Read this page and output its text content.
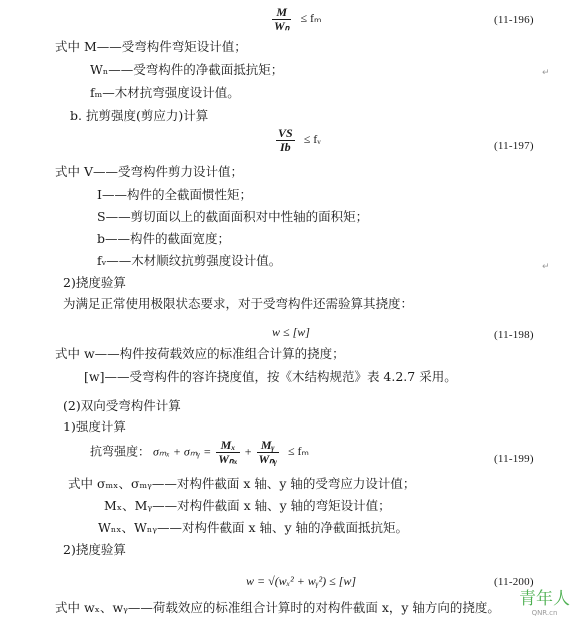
$\frac{M}{\text{Wₙ}} \le f_m$	(11-196)
式中 M——受弯构件弯矩设计值；
Wₙ——受弯构件的净截面抵抗矩；	↵
fₘ—木材抗弯强度设计值。
b. 抗剪强度(剪应力)计算
$\frac{VS}{Ib}$ ≤ fᵥ	(11-197)
式中 V——受弯构件剪力设计值；
I——构件的全截面惯性矩；
S——剪切面以上的截面面积对中性轴的面积矩；
b——构件的截面宽度；
fᵥ——木材顺纹抗剪强度设计值。	↵
2)挠度验算
为满足正常使用极限状态要求，对于受弯构件还需验算其挠度：
w ≤ [w]	(11-198)
式中 w——构件按荷载效应的标准组合计算的挠度；
[w]——受弯构件的容许挠度值，按《木结构规范》表 4.2.7 采用。
(2)双向受弯构件计算
1)强度计算
抗弯强度： σₘₓ + σₘᵧ = $\frac{\text{Mₓ}}{\text{Wₙₓ}} + \frac{\text{Mᵧ}}{\text{Wₙᵧ}} \le f_m$
(11-199)
式中 σₘₓ、σₘᵧ——对构件截面 x 轴、y 轴的受弯应力设计值；
Mₓ、Mᵧ——对构件截面 x 轴、y 轴的弯矩设计值；
Wₙₓ、Wₙᵧ——对构件截面 x 轴、y 轴的净截面抵抗矩。
2)挠度验算
w = √(wₓ² + wᵧ²) ≤ [w]	(11-200)
式中 wₓ、wᵧ——荷载效应的标准组合计算时的对构件截面 x，y 轴方向的挠度。 青年人
QNR.cn
